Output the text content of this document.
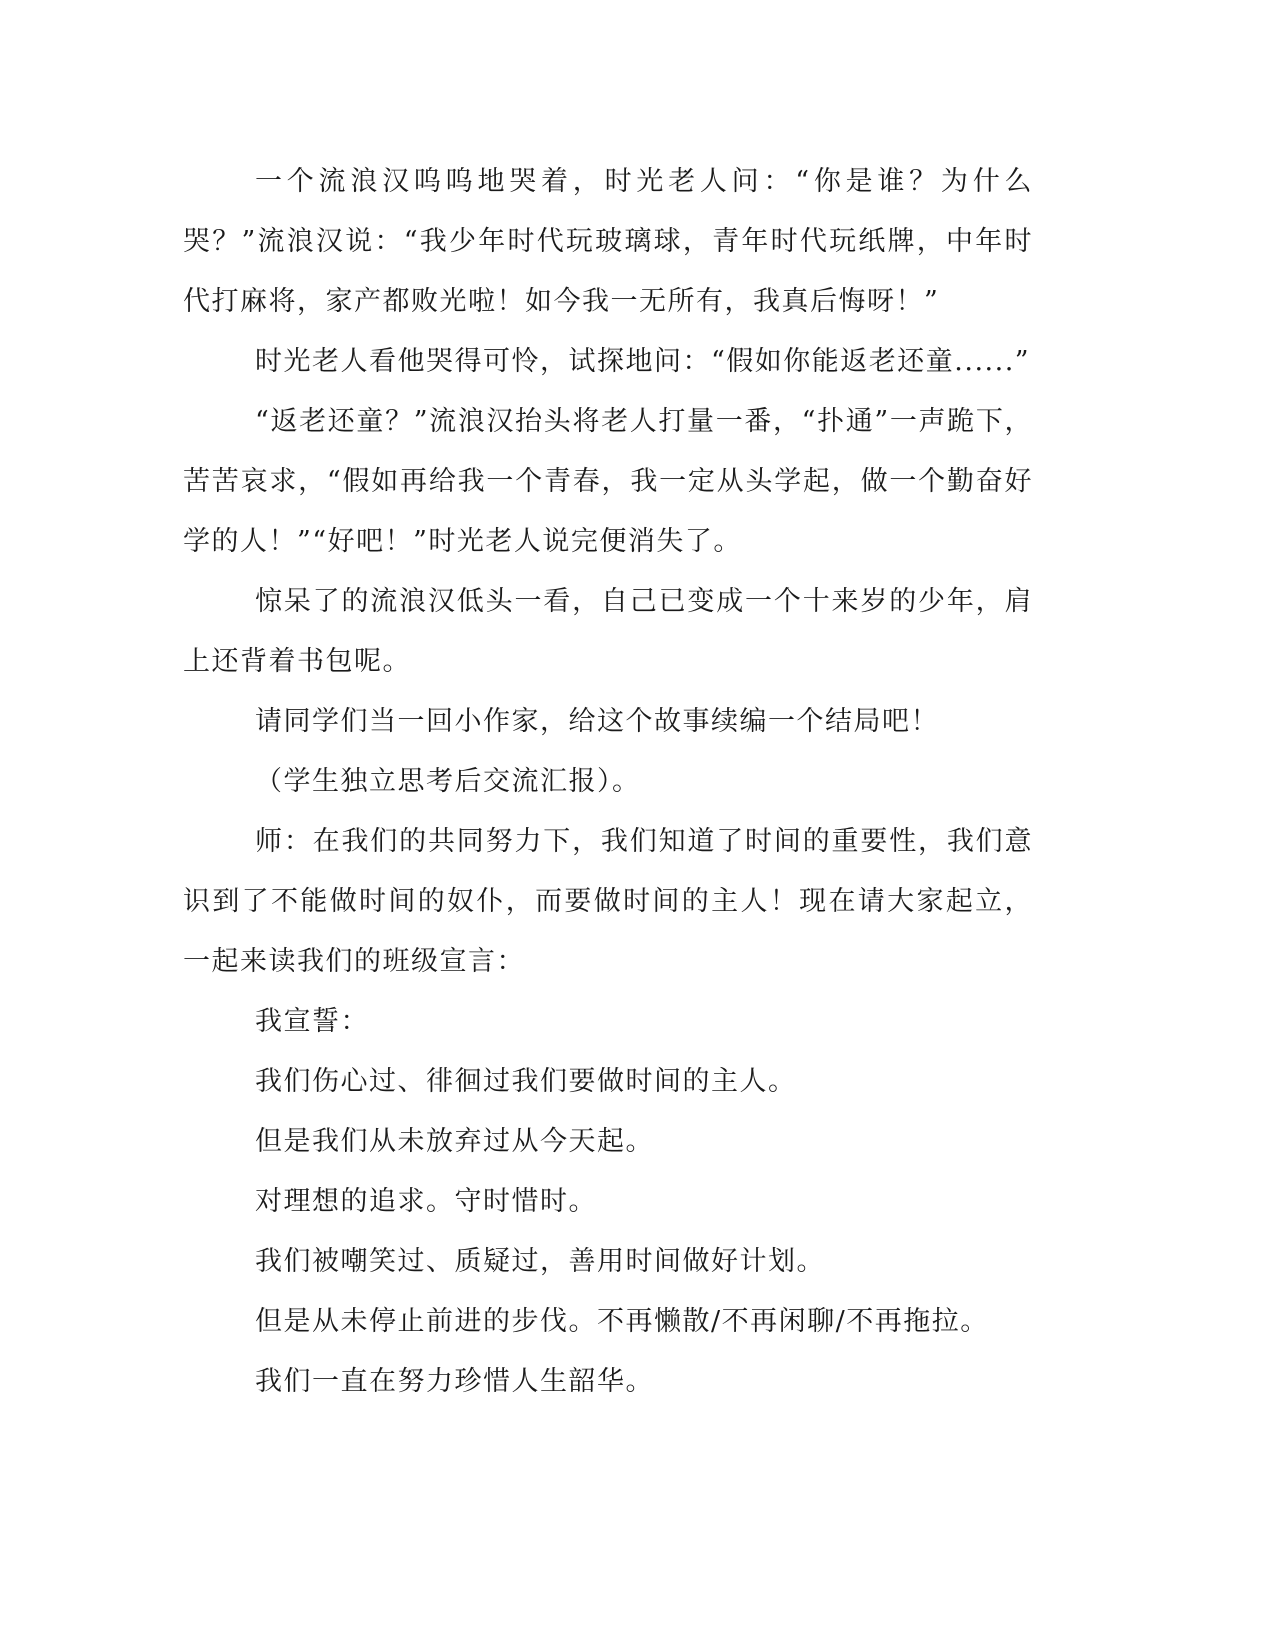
一个流浪汉呜呜地哭着，时光老人问：“你是谁？为什么哭？”流浪汉说：“我少年时代玩玻璃球，青年时代玩纸牌，中年时代打麻将，家产都败光啦！如今我一无所有，我真后悔呀！”

时光老人看他哭得可怜，试探地问：“假如你能返老还童......”

“返老还童？”流浪汉抬头将老人打量一番，“扑通”一声跪下，苦苦哀求，“假如再给我一个青春，我一定从头学起，做一个勤奋好学的人！”“好吧！”时光老人说完便消失了。

惊呆了的流浪汉低头一看，自己已变成一个十来岁的少年，肩上还背着书包呢。

请同学们当一回小作家，给这个故事续编一个结局吧！

（学生独立思考后交流汇报）。

师：在我们的共同努力下，我们知道了时间的重要性，我们意识到了不能做时间的奴仆，而要做时间的主人！现在请大家起立，一起来读我们的班级宣言：

我宣誓：

我们伤心过、徘徊过我们要做时间的主人。

但是我们从未放弃过从今天起。

对理想的追求。守时惜时。

我们被嘲笑过、质疑过，善用时间做好计划。

但是从未停止前进的步伐。不再懒散/不再闲聊/不再拖拉。

我们一直在努力珍惜人生韶华。
